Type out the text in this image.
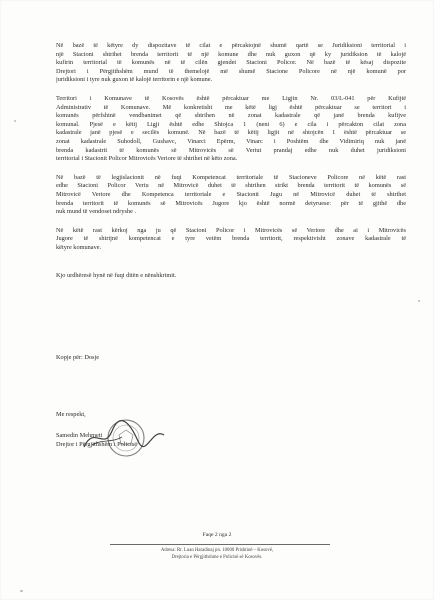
Në bazë të këtyre dy dispozitave të cilat e përcaktojnë shumë qartë se Juridiksioni territorial i
një Stacioni shtrihet brenda territorit të një komune dhe nuk guxon që ky juridiksion të kalojë
kufirin territorial të komunës në të cilën gjendet Stacioni Policor. Në bazë të kësaj dispozite
Drejtori i Përgjithshëm mund të themelojë më shumë Stacione Policore në një komunë por
juridiksioni i tyre nuk guxon të kalojë territorin e një komune.
Territori i Komunave të Kosovës është përcaktuar me Ligjin Nr. 03/L-041 për Kufijtë
Administrativ të Komunave. Më konkretisht me këtë ligj është përcaktuar se territori i
komunës përfshinë vendbanimet që shtrihen në zonat kadastrale që janë brenda kufijve
komunal. Pjesë e këtij Ligji është edhe Shtojca 1 (neni 6) e cila i përcakton cilat zona
kadastrale janë pjesë e secilës komunë. Në bazë të këtij ligjit në shtojcën 1 është përcaktuar se
zonat kadastrale Suhodoll, Gushavc, Vinarci Epërm, Vinarc i Poshtëm dhe Vidimiriq nuk janë
brenda kadastrit të komunës së Mitrovicës së Veriut prandaj edhe nuk duhet juridiksioni
territorial i Stacionit Policor Mitrovicës Veriore të shtrihet në këto zona.
Në bazë të legjislacionit në fuqi Kompetencat territoriale të Stacioneve Policore në këtë rast
edhe Stacioni Policor Veriu në Mitrovicë duhet të shtrihen strikt brenda territorit të komunës së
Mitrovicë Veriore dhe Kompetenca territoriale e Stacionit Jugu në Mitrovicë duhet të shtrihet
brenda territorit të komunës së Mitrovicës Jugore kjo është normë detyruese: për të gjithë dhe
nuk mund të vendoset ndryshe .
Në këtë rast kërkoj nga ju që Stacioni Policor i Mitrovicës së Veriore dhe ai i Mitrovicës
Jugore të shtrijnë kompetencat e tyre vetëm brenda territorit, respektivisht zonave kadastrale të
këtyre komunave.
Kjo urdhëresë hynë në fuqi ditën e nënshkrimit.
Kopje për: Dosje
Me respekt,
Samedin Mehmeti
Drejtor i Përgjithshëm i Policisë
Faqe 2 nga 2
Adresa: Rr. Luan Haradinaj pn. 10000 Prishtinë – Kosovë,
Drejtoria e Përgjithshme e Policisë së Kosovës.
